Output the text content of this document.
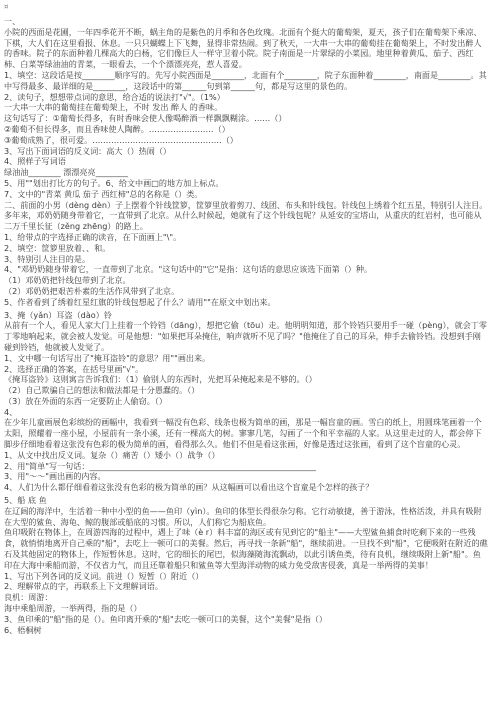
¤
一、
小院的西面是花圃，一年四季花开不断，蜗主角的是紫色的月季和各色玫瑰。北面有个挺大的葡萄架，夏天，孩子们在葡萄架下乘凉、下棋，大人们在这里看报、休息。一只只蝴蝶上下飞舞，显得非常热闹。到了秋天，一大串一大串的葡萄挂在葡萄架上，不时发出醉人的香味。院子的东面种着几棵高大的白杨，它们像巨人一样守卫着小院。院子南面是一片翠绿的小菜园。地里种着黄瓜、茄子、西红柿、白菜等绿油油的青菜，一眼看去，一个个漂漂亮亮，惹人喜爱。
1、填空：这段话是按________顺序写的。先写小院西面是________，北面有个________，院子东面种着________，南面是________。其中写得最多、最详细的是________，这段话中的第______句到第______句，都是写这里的景色的。
2、读句子，想想带点词的意思，给合适的说法打"√"。（1%）
一大串一大串的葡萄挂在葡萄架上，不时 发出 醉人 的香味。
这句话写了：①葡萄长得多，有时香味会使人像喝醉酒一样飘飘糊涂。……（）
②葡萄不但长得多，而且香味使人陶醉。……………………（）
③葡萄成熟了，很可爱。…………………………………………（）
3、写出下面词语的反义词：高大（）热闹（）
4、照样子写词语
绿油油________ 漂漂亮亮________
5、用""划出打比方的句子。6、给文中画□的地方加上标点。
7、文中的"青菜 黄瓜 茄子 西红柿"总的名称是（）类。
二、前面的小男（dèng dèn）子上摆着个针线筐箩，筐箩里放着剪刀、线团、布头和针线包。针线包上绣着个红五星，特别引人注目。多年来，邓奶奶随身带着它，一直带到了北京。从什么时候起，她就有了这个针线包呢？从延安的宝塔山，从重庆的红岩村，也可能从二万千里长征（zěng zhēng）的路上。
1、给带点的字选择正确的读音，在下面画上"\"。
2、填空：筐箩里放着、、和。
3、特别引人注目的是。
4、"邓奶奶随身带着它，一直带到了北京。"这句话中的"它"是指：这句话的意思应该选下面第（）种。
（1）邓奶奶把针线包带到了北京。
（2）邓奶奶把艰苦朴素的生活作风带到了北京。
5、作者看到了绣着红星红旗的针线包想起了什么？请用""在原文中划出来。
3、掩（yǎn）耳盗（dào）铃
从前有一个人，看见人家大门上挂着一个铃铛（dāng），想把它偷（tōu）走。他明明知道，那个铃铛只要用手一碰（pèng），就会丁零丁零地响起来，就会被人发觉。可是他想："如果把耳朵掩住，响声就听不见了吗？"他掩住了自己的耳朵，伸手去偷铃铛。没想到手刚碰到铃铛，他就被人发觉了。
1、文中哪一句话写出了"掩耳盗铃"的意思？用""画出来。
2、选择正确的答案，在括号里画"√"。
《掩耳盗铃》这则寓言告诉我们：（1）偷别人的东西时，光把耳朵掩起来是不够的。（）
（2）自己欺骗自己的想法和做法都是十分愚蠢的。（）
（3）放在外面的东西一定要防止人偷窃。（）
4、
在少年儿童画展色彩缤纷的画幅中，我看到一幅没有色彩、线条也极为简单的画，那是一幅盲童的画。雪白的纸上，用圆珠笔画着一个太阳，照耀着一座小屋，小屋前有一条小溪，还有一棵高大的树。寥寥几笔，勾画了一个和平幸福的人家。从这里走过的人，都会停下脚步仔细地看着这张没有色彩的极为简单的画，看得那么久。他们不但是看这张画，好像是透过这张画，看到了这个盲童的心灵。
1、从文中找出反义词。复杂（）痛苦（）矮小（）战争（）
2、用"简单"写一句话：________________________________________________________
3、用"～～"画出画的内容。
4、人们为什么都仔细看着这张没有色彩的极为简单的画？从这幅画可以看出这个盲童是个怎样的孩子？
5、船 底 鱼
在辽阔的海洋中，生活着一种中小型的鱼——鱼印（yìn）。鱼印的体型长得很杂匀称。它行动敏捷，善于游泳，性格活泼，并具有吸附在大型的鲨鱼、海龟、鲸的腹部或船底的习惯。所以，人们称它为船底鱼。
鱼印吸附在物体上，在周游四海的过程中，遇上了味（è r）料丰富的海区或有见到它的"船主"——大型鲨鱼捕食时吃剩下来的一些残食，就悄悄地离开自己乘的"船"，去吃上一顿可口的美餐。然后，再寻找一条新"船"，继续前进。一旦找不到"船"，它便吸附在附近的礁石及其他固定的物体上，作短暂休息。这时，它的细长的尾巴，似海藻随海流飘动，以此引诱鱼类，待有良机，继续吸附上新"船"。鱼印在大海中乘船而游，不仅省力气，而且还靠着船只和鲨鱼等大型海洋动物的威力免受敌害侵袭，真是一举两得的美事！
1、写出下列各词的反义词。前进（）短暂（）附近（）
2、理解带点的字，再联系上下文理解词语。
良机：周游：
海中乘船周游，一举两得，指的是（）
3、鱼印乘的"船"指的是（）。鱼印离开乘的"船"去吃一顿可口的美餐，这个"美餐"是指（）
6、梧桐树
